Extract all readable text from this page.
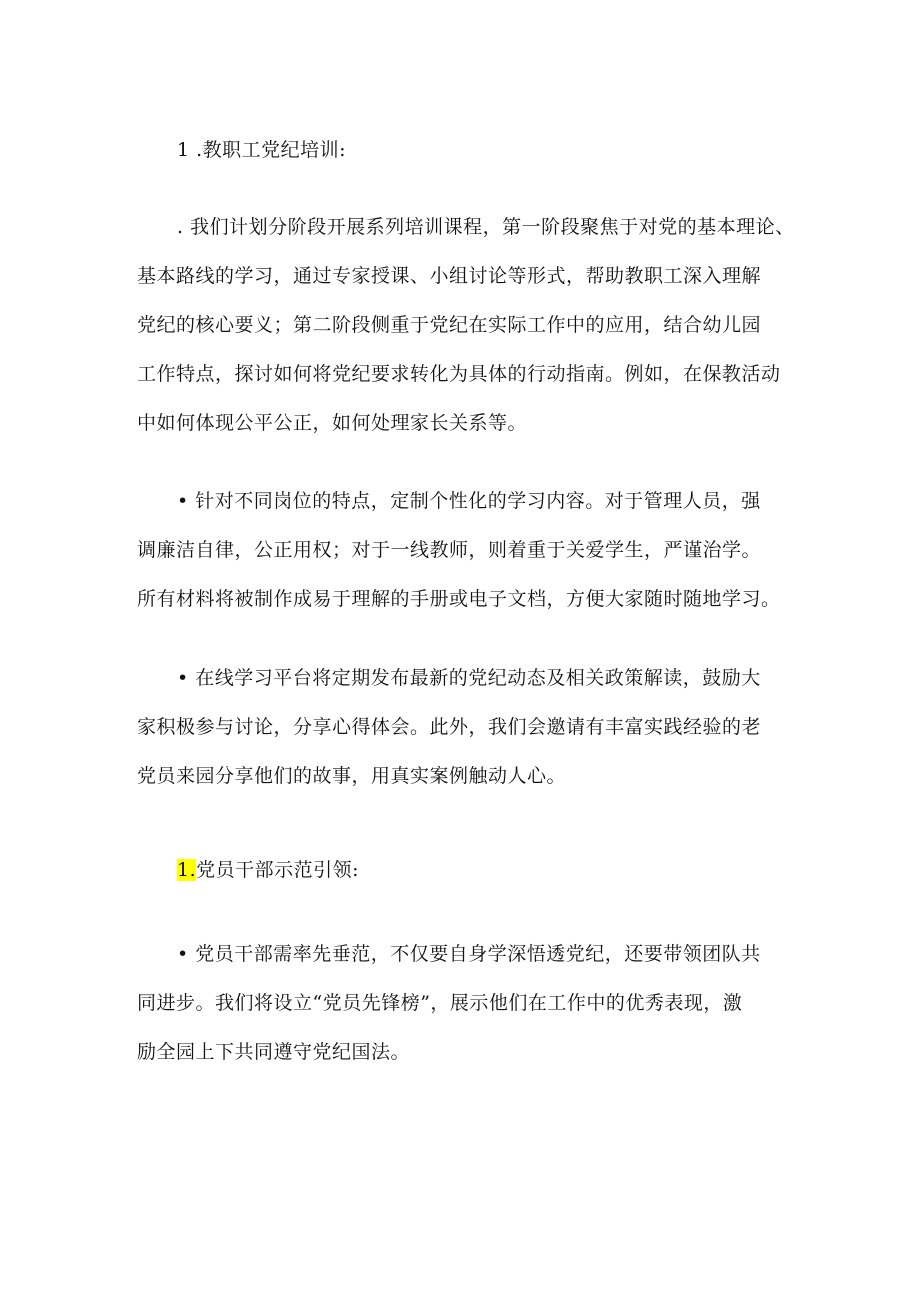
1 .教职工党纪培训:
. 我们计划分阶段开展系列培训课程，第一阶段聚焦于对党的基本理论、
基本路线的学习，通过专家授课、小组讨论等形式，帮助教职工深入理解
党纪的核心要义；第二阶段侧重于党纪在实际工作中的应用，结合幼儿园
工作特点，探讨如何将党纪要求转化为具体的行动指南。例如，在保教活动
中如何体现公平公正，如何处理家长关系等。
• 针对不同岗位的特点，定制个性化的学习内容。对于管理人员，强
调廉洁自律，公正用权；对于一线教师，则着重于关爱学生，严谨治学。
所有材料将被制作成易于理解的手册或电子文档，方便大家随时随地学习。
• 在线学习平台将定期发布最新的党纪动态及相关政策解读，鼓励大
家积极参与讨论，分享心得体会。此外，我们会邀请有丰富实践经验的老
党员来园分享他们的故事，用真实案例触动人心。
1.党员干部示范引领:
• 党员干部需率先垂范，不仅要自身学深悟透党纪，还要带领团队共
同进步。我们将设立“党员先锋榜”，展示他们在工作中的优秀表现，激
励全园上下共同遵守党纪国法。
